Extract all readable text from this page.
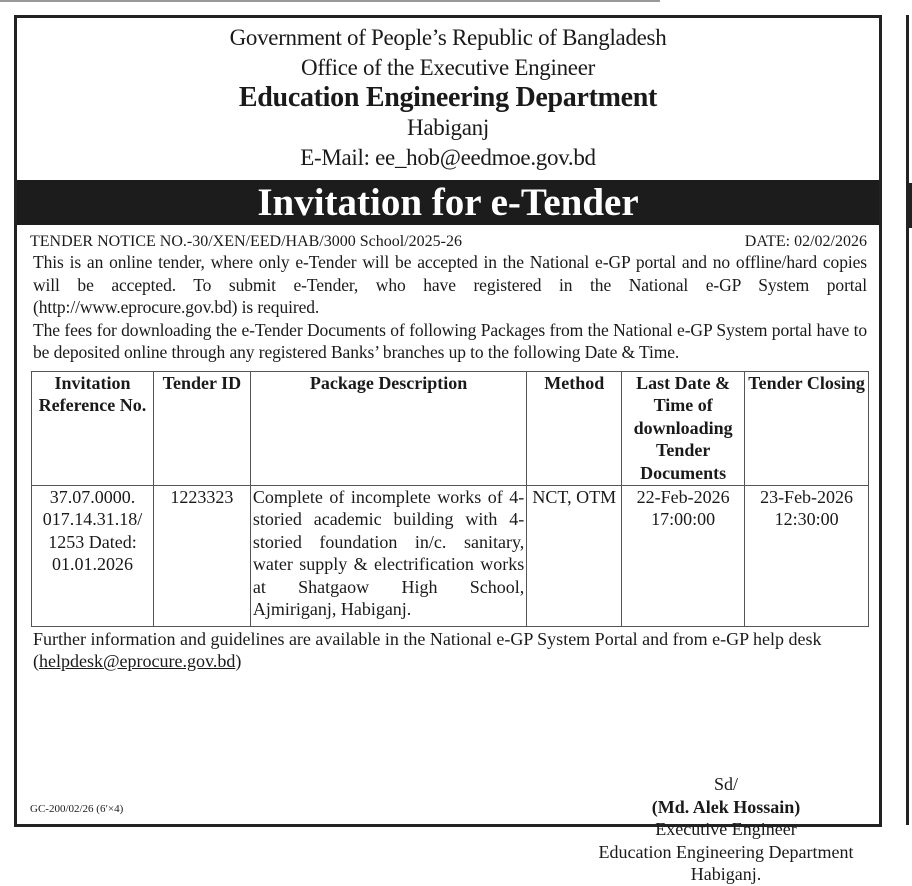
Government of People’s Republic of Bangladesh
Office of the Executive Engineer
Education Engineering Department
Habiganj
E-Mail: ee_hob@eedmoe.gov.bd
Invitation for e-Tender
TENDER NOTICE NO.-30/XEN/EED/HAB/3000 School/2025-26	DATE: 02/02/2026
This is an online tender, where only e-Tender will be accepted in the National e-GP portal and no offline/hard copies will be accepted. To submit e-Tender, who have registered in the National e-GP System portal (http://www.eprocure.gov.bd) is required.
The fees for downloading the e-Tender Documents of following Packages from the National e-GP System portal have to be deposited online through any registered Banks’ branches up to the following Date & Time.
Invitation Reference No.	Tender ID	Package Description	Method	Last Date & Time of downloading Tender Documents	Tender Closing
37.07.0000. 017.14.31.18/ 1253 Dated: 01.01.2026	1223323	Complete of incomplete works of 4-storied academic building with 4-storied foundation in/c. sanitary, water supply & electrification works at Shatgaow High School, Ajmiriganj, Habiganj.	NCT, OTM	22-Feb-2026 17:00:00	23-Feb-2026 12:30:00
Further information and guidelines are available in the National e-GP System Portal and from e-GP help desk (helpdesk@eprocure.gov.bd)
Sd/
(Md. Alek Hossain)
Executive Engineer
Education Engineering Department
Habiganj.
GC-200/02/26 (6′×4)
